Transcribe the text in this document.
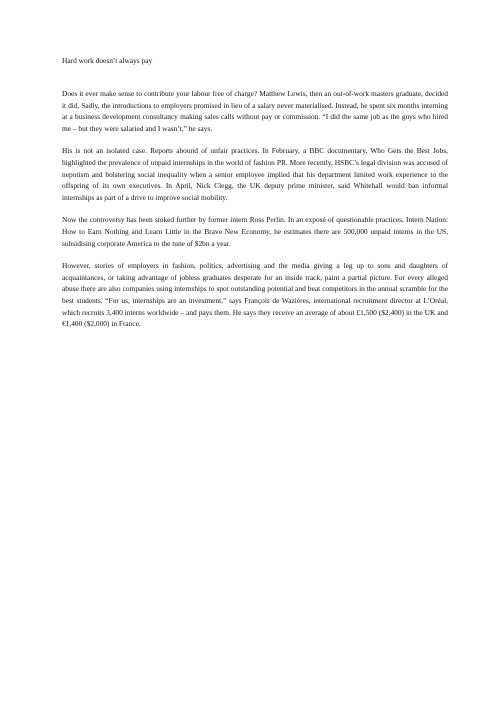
Hard work doesn’t always pay

Does it ever make sense to contribute your labour free of charge? Matthew Lewis, then an out-of-work masters graduate, decided it did. Sadly, the introductions to employers promised in lieu of a salary never materialised. Instead, he spent six months interning at a business development consultancy making sales calls without pay or commission. “I did the same job as the guys who hired me – but they were salaried and I wasn’t,” he says.

His is not an isolated case. Reports abound of unfair practices. In February, a BBC documentary, Who Gets the Best Jobs, highlighted the prevalence of unpaid internships in the world of fashion PR. More recently, HSBC’s legal division was accused of nepotism and bolstering social inequality when a senior employee implied that his department limited work experience to the offspring of its own executives. In April, Nick Clegg, the UK deputy prime minister, said Whitehall would ban informal internships as part of a drive to improve social mobility.

Now the controversy has been stoked further by former intern Ross Perlin. In an exposé of questionable practices, Intern Nation: How to Earn Nothing and Learn Little in the Brave New Economy, he estimates there are 500,000 unpaid interns in the US, subsidising corporate America to the tune of $2bn a year.

However, stories of employers in fashion, politics, advertising and the media giving a leg up to sons and daughters of acquaintances, or taking advantage of jobless graduates desperate for an inside track, paint a partial picture. For every alleged abuse there are also companies using internships to spot outstanding potential and beat competitors in the annual scramble for the best students. “For us, internships are an investment,” says François de Wazières, international recruitment director at L’Oréal, which recruits 3,400 interns worldwide – and pays them. He says they receive an average of about £1,500 ($2,400) in the UK and €1,400 ($2,000) in France.
